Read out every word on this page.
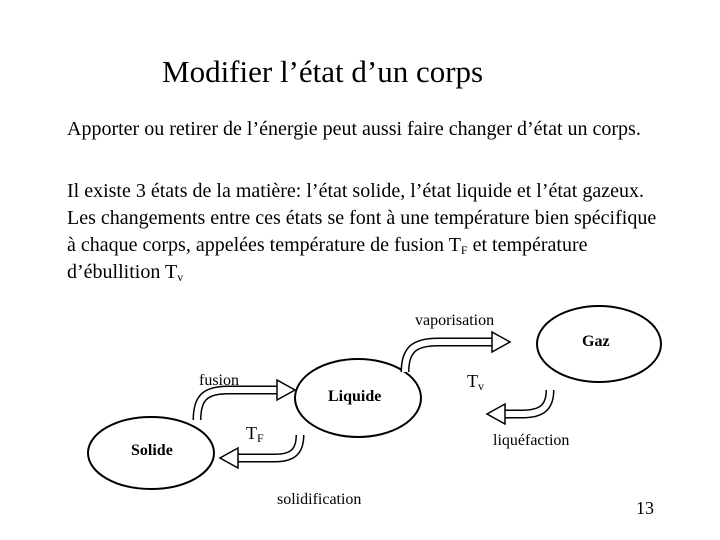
Modifier l’état d’un corps
Apporter ou retirer de l’énergie peut aussi faire changer d’état un corps.
Il existe 3 états de la matière: l’état solide, l’état liquide et l’état gazeux. Les changements entre ces états se font à une température bien spécifique à chaque corps, appelées température de fusion $T_F$ et température d’ébullition $T_v$
Solide
Liquide
Gaz
vaporisation
fusion
liquéfaction
solidification
$T_F$
$T_v$
13
